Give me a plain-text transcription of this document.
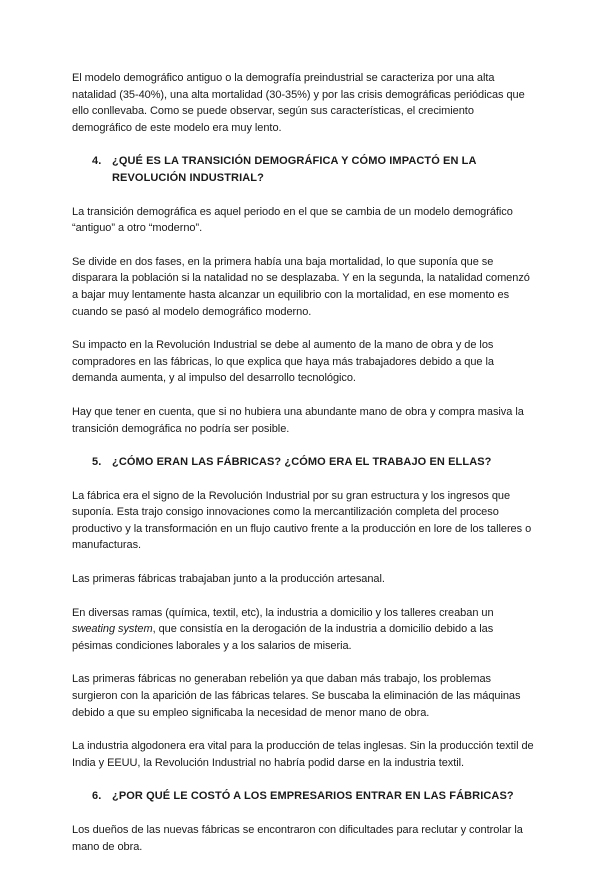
El modelo demográfico antiguo o la demografía preindustrial se caracteriza por una alta natalidad (35-40%), una alta mortalidad (30-35%) y por las crisis demográficas periódicas que ello conllevaba. Como se puede observar, según sus características, el crecimiento demográfico de este modelo era muy lento.

4. ¿QUÉ ES LA TRANSICIÓN DEMOGRÁFICA Y CÓMO IMPACTÓ EN LA REVOLUCIÓN INDUSTRIAL?

La transición demográfica es aquel periodo en el que se cambia de un modelo demográfico “antiguo” a otro “moderno”.

Se divide en dos fases, en la primera había una baja mortalidad, lo que suponía que se disparara la población si la natalidad no se desplazaba. Y en la segunda, la natalidad comenzó a bajar muy lentamente hasta alcanzar un equilibrio con la mortalidad, en ese momento es cuando se pasó al modelo demográfico moderno.

Su impacto en la Revolución Industrial se debe al aumento de la mano de obra y de los compradores en las fábricas, lo que explica que haya más trabajadores debido a que la demanda aumenta, y al impulso del desarrollo tecnológico.

Hay que tener en cuenta, que si no hubiera una abundante mano de obra y compra masiva la transición demográfica no podría ser posible.

5. ¿CÓMO ERAN LAS FÁBRICAS? ¿CÓMO ERA EL TRABAJO EN ELLAS?

La fábrica era el signo de la Revolución Industrial por su gran estructura y los ingresos que suponía. Esta trajo consigo innovaciones como la mercantilización completa del proceso productivo y la transformación en un flujo cautivo frente a la producción en lore de los talleres o manufacturas.

Las primeras fábricas trabajaban junto a la producción artesanal.

En diversas ramas (química, textil, etc), la industria a domicilio y los talleres creaban un sweating system, que consistía en la derogación de la industria a domicilio debido a las pésimas condiciones laborales y a los salarios de miseria.

Las primeras fábricas no generaban rebelión ya que daban más trabajo, los problemas surgieron con la aparición de las fábricas telares. Se buscaba la eliminación de las máquinas debido a que su empleo significaba la necesidad de menor mano de obra.

La industria algodonera era vital para la producción de telas inglesas. Sin la producción textil de India y EEUU, la Revolución Industrial no habría podid darse en la industria textil.

6. ¿POR QUÉ LE COSTÓ A LOS EMPRESARIOS ENTRAR EN LAS FÁBRICAS?

Los dueños de las nuevas fábricas se encontraron con dificultades para reclutar y controlar la mano de obra.
